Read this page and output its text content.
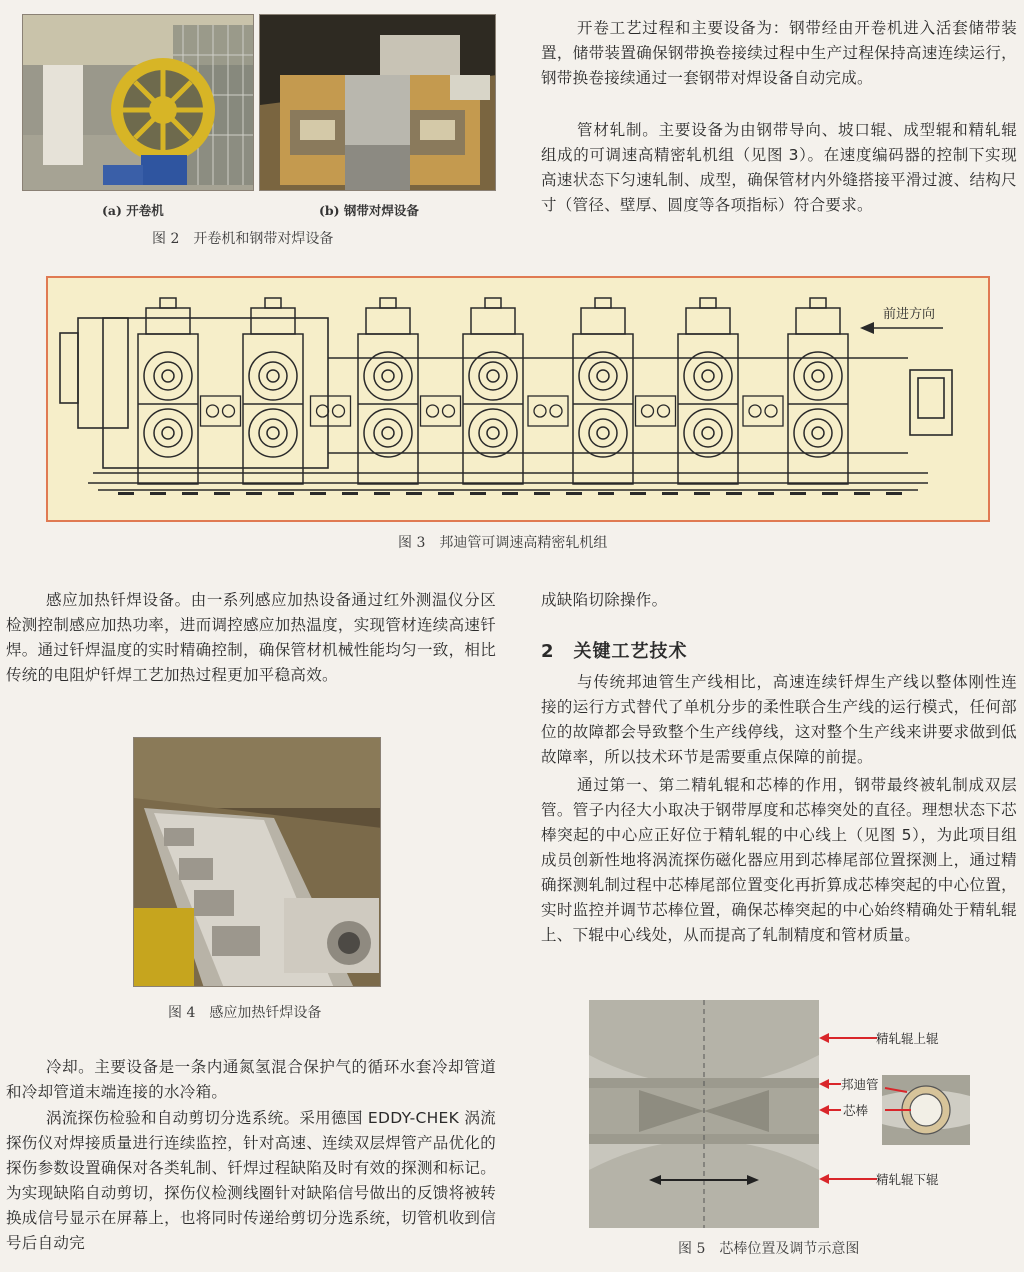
(a) 开卷机	(b) 钢带对焊设备
图 2　开卷机和钢带对焊设备

开卷工艺过程和主要设备为：钢带经由开卷机进入活套储带装置，储带装置确保钢带换卷接续过程中生产过程保持高速连续运行，钢带换卷接续通过一套钢带对焊设备自动完成。

管材轧制。主要设备为由钢带导向、坡口辊、成型辊和精轧辊组成的可调速高精密轧机组（见图 3）。在速度编码器的控制下实现高速状态下匀速轧制、成型，确保管材内外缝搭接平滑过渡、结构尺寸（管径、壁厚、圆度等各项指标）符合要求。

前进方向
图 3　邦迪管可调速高精密轧机组

感应加热钎焊设备。由一系列感应加热设备通过红外测温仪分区检测控制感应加热功率，进而调控感应加热温度，实现管材连续高速钎焊。通过钎焊温度的实时精确控制，确保管材机械性能均匀一致，相比传统的电阻炉钎焊工艺加热过程更加平稳高效。

图 4　感应加热钎焊设备

冷却。主要设备是一条内通氮氢混合保护气的循环水套冷却管道和冷却管道末端连接的水冷箱。

涡流探伤检验和自动剪切分选系统。采用德国 EDDY-CHEK 涡流探伤仪对焊接质量进行连续监控，针对高速、连续双层焊管产品优化的探伤参数设置确保对各类轧制、钎焊过程缺陷及时有效的探测和标记。为实现缺陷自动剪切，探伤仪检测线圈针对缺陷信号做出的反馈将被转换成信号显示在屏幕上，也将同时传递给剪切分选系统，切管机收到信号后自动完

成缺陷切除操作。

2　关键工艺技术

与传统邦迪管生产线相比，高速连续钎焊生产线以整体刚性连接的运行方式替代了单机分步的柔性联合生产线的运行模式，任何部位的故障都会导致整个生产线停线，这对整个生产线来讲要求做到低故障率，所以技术环节是需要重点保障的前提。

通过第一、第二精轧辊和芯棒的作用，钢带最终被轧制成双层管。管子内径大小取决于钢带厚度和芯棒突处的直径。理想状态下芯棒突起的中心应正好位于精轧辊的中心线上（见图 5），为此项目组成员创新性地将涡流探伤磁化器应用到芯棒尾部位置探测上，通过精确探测轧制过程中芯棒尾部位置变化再折算成芯棒突起的中心位置，实时监控并调节芯棒位置，确保芯棒突起的中心始终精确处于精轧辊上、下辊中心线处，从而提高了轧制精度和管材质量。

精轧辊上辊
邦迪管
芯棒
精轧辊下辊
图 5　芯棒位置及调节示意图
